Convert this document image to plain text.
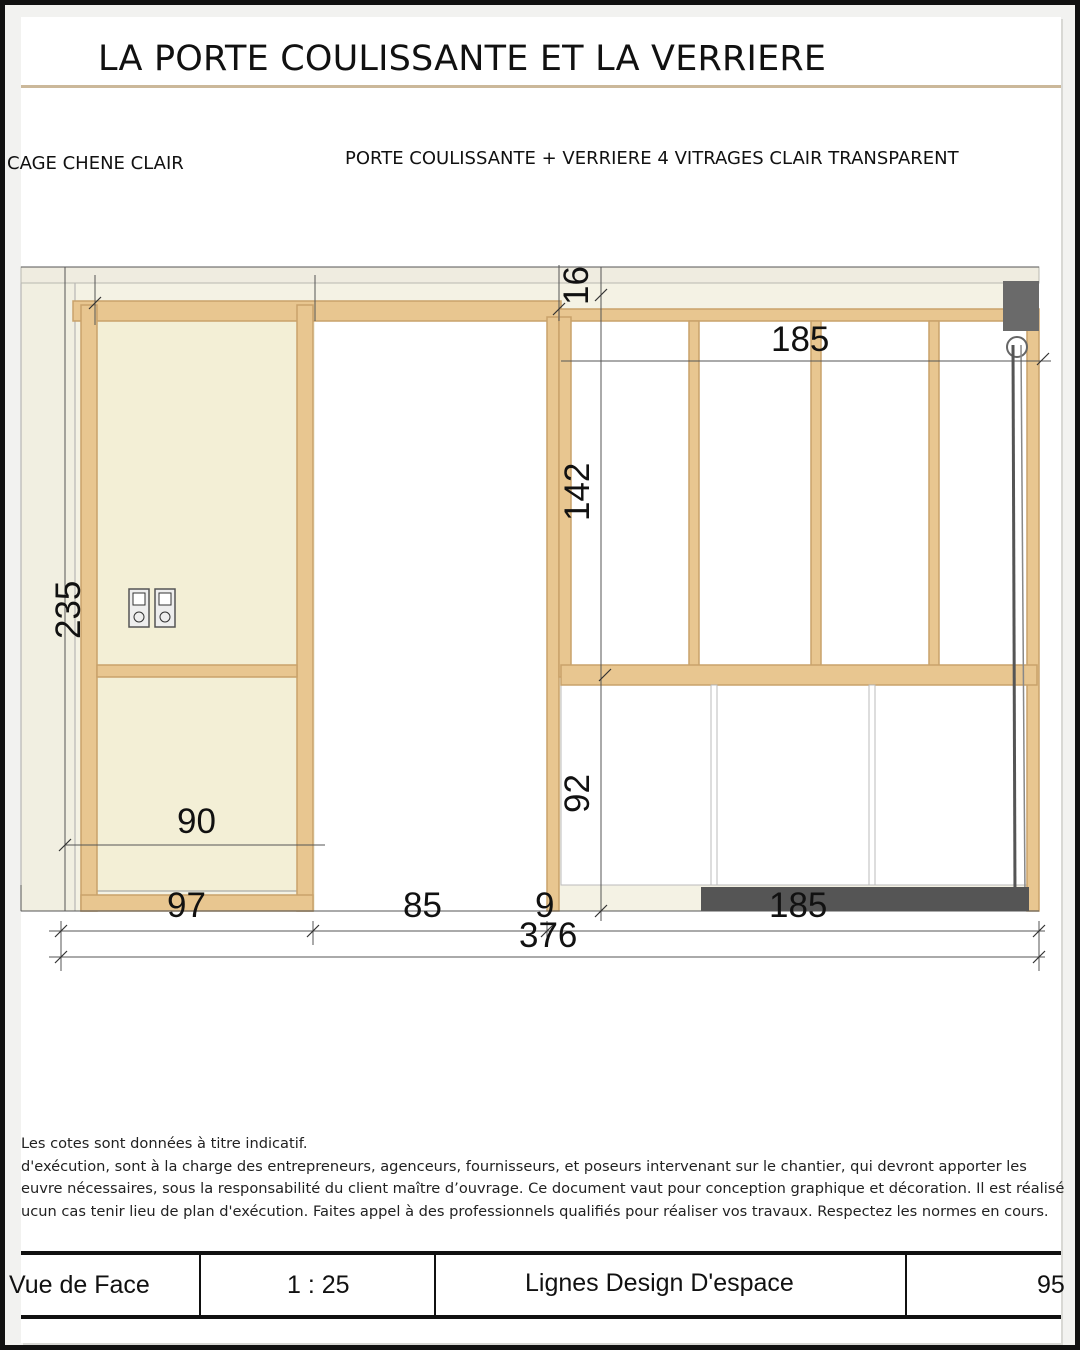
LA PORTE COULISSANTE ET LA VERRIERE
CAGE CHENE CLAIR	PORTE COULISSANTE + VERRIERE 4 VITRAGES CLAIR TRANSPARENT
16
185
142
235
92
90
97	85	9	185
376
Les cotes sont données à titre indicatif.
d'exécution, sont à la charge des entrepreneurs, agenceurs, fournisseurs, et poseurs intervenant sur le chantier, qui devront apporter les
euvre nécessaires, sous la responsabilité du client maître d’ouvrage. Ce document vaut pour conception graphique et décoration. Il est réalisé
ucun cas tenir lieu de plan d'exécution. Faites appel à des professionnels qualifiés pour réaliser vos travaux. Respectez les normes en cours.
Vue de Face	1 : 25	Lignes Design D'espace	95
